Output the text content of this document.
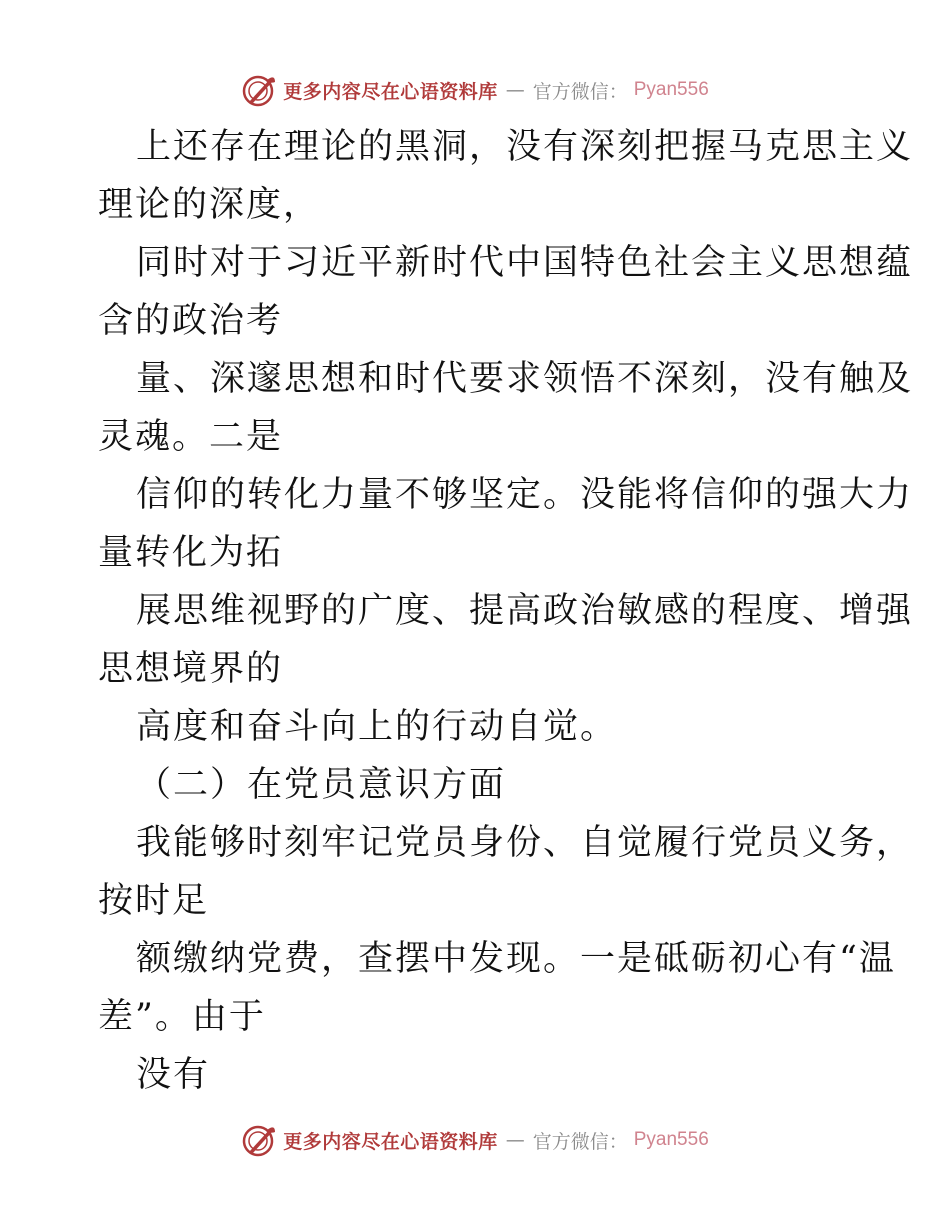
更多内容尽在心语资料库 — 官方微信： Pyan556
上还存在理论的黑洞，没有深刻把握马克思主义
理论的深度，
同时对于习近平新时代中国特色社会主义思想蕴
含的政治考
量、深邃思想和时代要求领悟不深刻，没有触及
灵魂。二是
信仰的转化力量不够坚定。没能将信仰的强大力
量转化为拓
展思维视野的广度、提高政治敏感的程度、增强
思想境界的
高度和奋斗向上的行动自觉。
（二）在党员意识方面
我能够时刻牢记党员身份、自觉履行党员义务，
按时足
额缴纳党费，查摆中发现。一是砥砺初心有“温
差”。由于
没有
更多内容尽在心语资料库 — 官方微信： Pyan556
